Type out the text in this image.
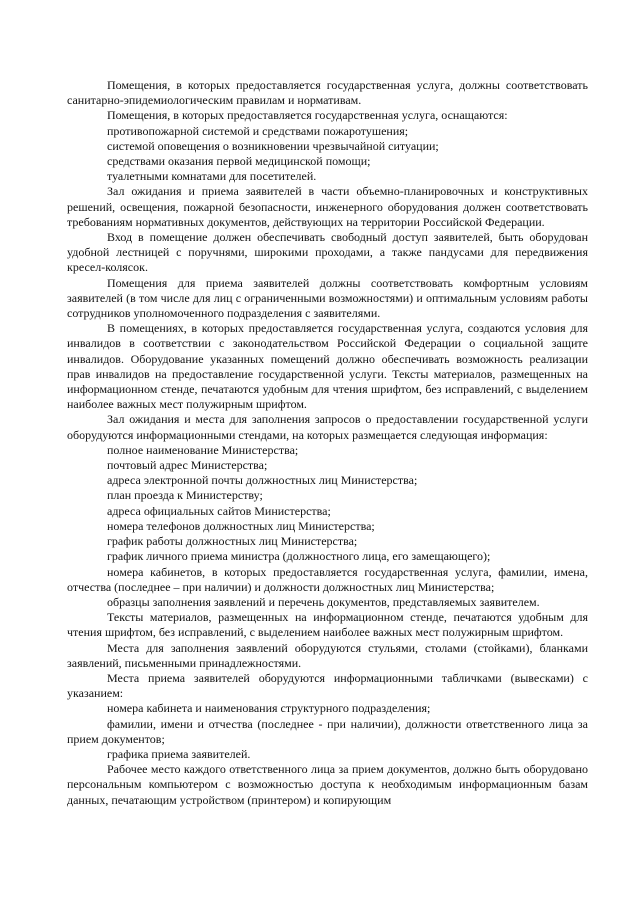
Помещения, в которых предоставляется государственная услуга, должны соответствовать санитарно-эпидемиологическим правилам и нормативам.

Помещения, в которых предоставляется государственная услуга, оснащаются:

противопожарной системой и средствами пожаротушения;

системой оповещения о возникновении чрезвычайной ситуации;

средствами оказания первой медицинской помощи;

туалетными комнатами для посетителей.

Зал ожидания и приема заявителей в части объемно-планировочных и конструктивных решений, освещения, пожарной безопасности, инженерного оборудования должен соответствовать требованиям нормативных документов, действующих на территории Российской Федерации.

Вход в помещение должен обеспечивать свободный доступ заявителей, быть оборудован удобной лестницей с поручнями, широкими проходами, а также пандусами для передвижения кресел-колясок.

Помещения для приема заявителей должны соответствовать комфортным условиям заявителей (в том числе для лиц с ограниченными возможностями) и оптимальным условиям работы сотрудников уполномоченного подразделения с заявителями.

В помещениях, в которых предоставляется государственная услуга, создаются условия для инвалидов в соответствии с законодательством Российской Федерации о социальной защите инвалидов. Оборудование указанных помещений должно обеспечивать возможность реализации прав инвалидов на предоставление государственной услуги. Тексты материалов, размещенных на информационном стенде, печатаются удобным для чтения шрифтом, без исправлений, с выделением наиболее важных мест полужирным шрифтом.

Зал ожидания и места для заполнения запросов о предоставлении государственной услуги оборудуются информационными стендами, на которых размещается следующая информация:

полное наименование Министерства;

почтовый адрес Министерства;

адреса электронной почты должностных лиц Министерства;

план проезда к Министерству;

адреса официальных сайтов Министерства;

номера телефонов должностных лиц Министерства;

график работы должностных лиц Министерства;

график личного приема министра (должностного лица, его замещающего);

номера кабинетов, в которых предоставляется государственная услуга, фамилии, имена, отчества (последнее – при наличии) и должности должностных лиц Министерства;

образцы заполнения заявлений и перечень документов, представляемых заявителем.

Тексты материалов, размещенных на информационном стенде, печатаются удобным для чтения шрифтом, без исправлений, с выделением наиболее важных мест полужирным шрифтом.

Места для заполнения заявлений оборудуются стульями, столами (стойками), бланками заявлений, письменными принадлежностями.

Места приема заявителей оборудуются информационными табличками (вывесками) с указанием:

номера кабинета и наименования структурного подразделения;

фамилии, имени и отчества (последнее - при наличии), должности ответственного лица за прием документов;

графика приема заявителей.

Рабочее место каждого ответственного лица за прием документов, должно быть оборудовано персональным компьютером с возможностью доступа к необходимым информационным базам данных, печатающим устройством (принтером) и копирующим
